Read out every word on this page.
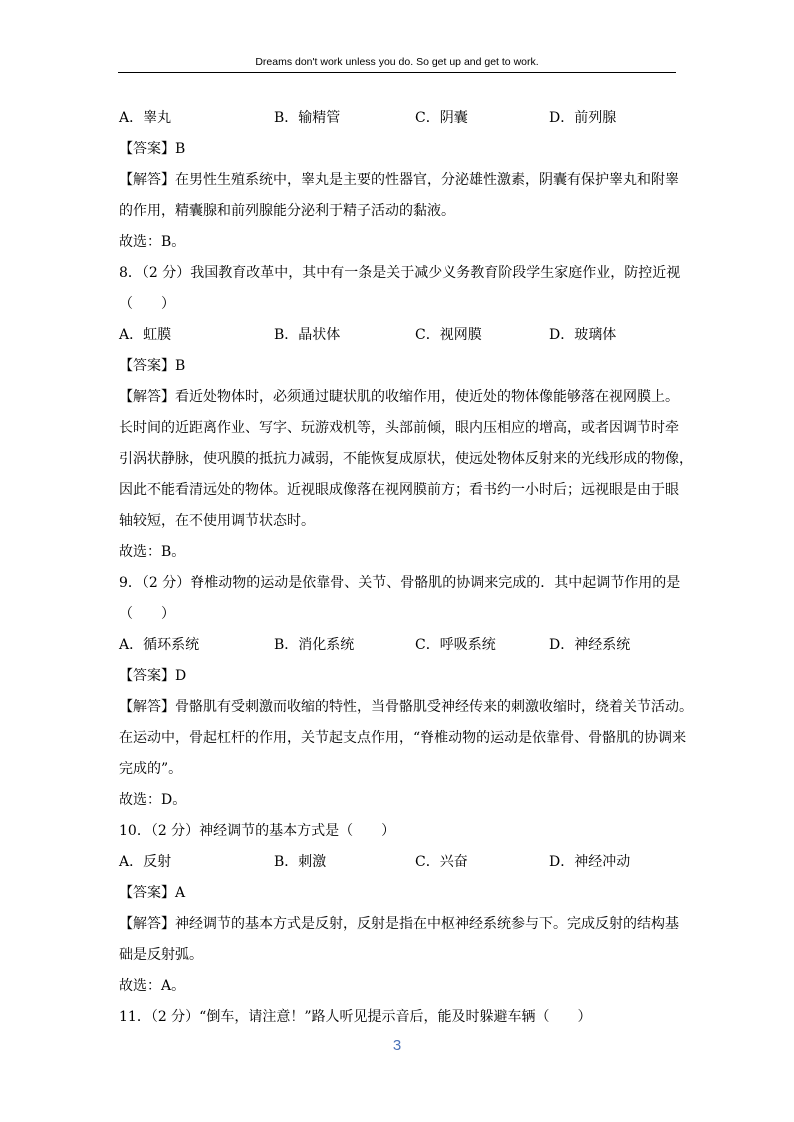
Dreams don't work unless you do. So get up and get to work.
A．睾丸	B．输精管	C．阴囊	D．前列腺
【答案】B
【解答】在男性生殖系统中，睾丸是主要的性器官，分泌雄性激素，阴囊有保护睾丸和附睾
的作用，精囊腺和前列腺能分泌利于精子活动的黏液。
故选：B。
8．（2 分）我国教育改革中，其中有一条是关于减少义务教育阶段学生家庭作业，防控近视
（　　）
A．虹膜	B．晶状体	C．视网膜	D．玻璃体
【答案】B
【解答】看近处物体时，必须通过睫状肌的收缩作用，使近处的物体像能够落在视网膜上。
长时间的近距离作业、写字、玩游戏机等，头部前倾，眼内压相应的增高，或者因调节时牵
引涡状静脉，使巩膜的抵抗力减弱，不能恢复成原状，使远处物体反射来的光线形成的物像，
因此不能看清远处的物体。近视眼成像落在视网膜前方；看书约一小时后；远视眼是由于眼
轴较短，在不使用调节状态时。
故选：B。
9．（2 分）脊椎动物的运动是依靠骨、关节、骨骼肌的协调来完成的．其中起调节作用的是
（　　）
A．循环系统	B．消化系统	C．呼吸系统	D．神经系统
【答案】D
【解答】骨骼肌有受刺激而收缩的特性，当骨骼肌受神经传来的刺激收缩时，绕着关节活动。
在运动中，骨起杠杆的作用，关节起支点作用，“脊椎动物的运动是依靠骨、骨骼肌的协调来
完成的”。
故选：D。
10．（2 分）神经调节的基本方式是（　　）
A．反射	B．刺激	C．兴奋	D．神经冲动
【答案】A
【解答】神经调节的基本方式是反射，反射是指在中枢神经系统参与下。完成反射的结构基
础是反射弧。
故选：A。
11．（2 分）“倒车，请注意！”路人听见提示音后，能及时躲避车辆（　　）
3
